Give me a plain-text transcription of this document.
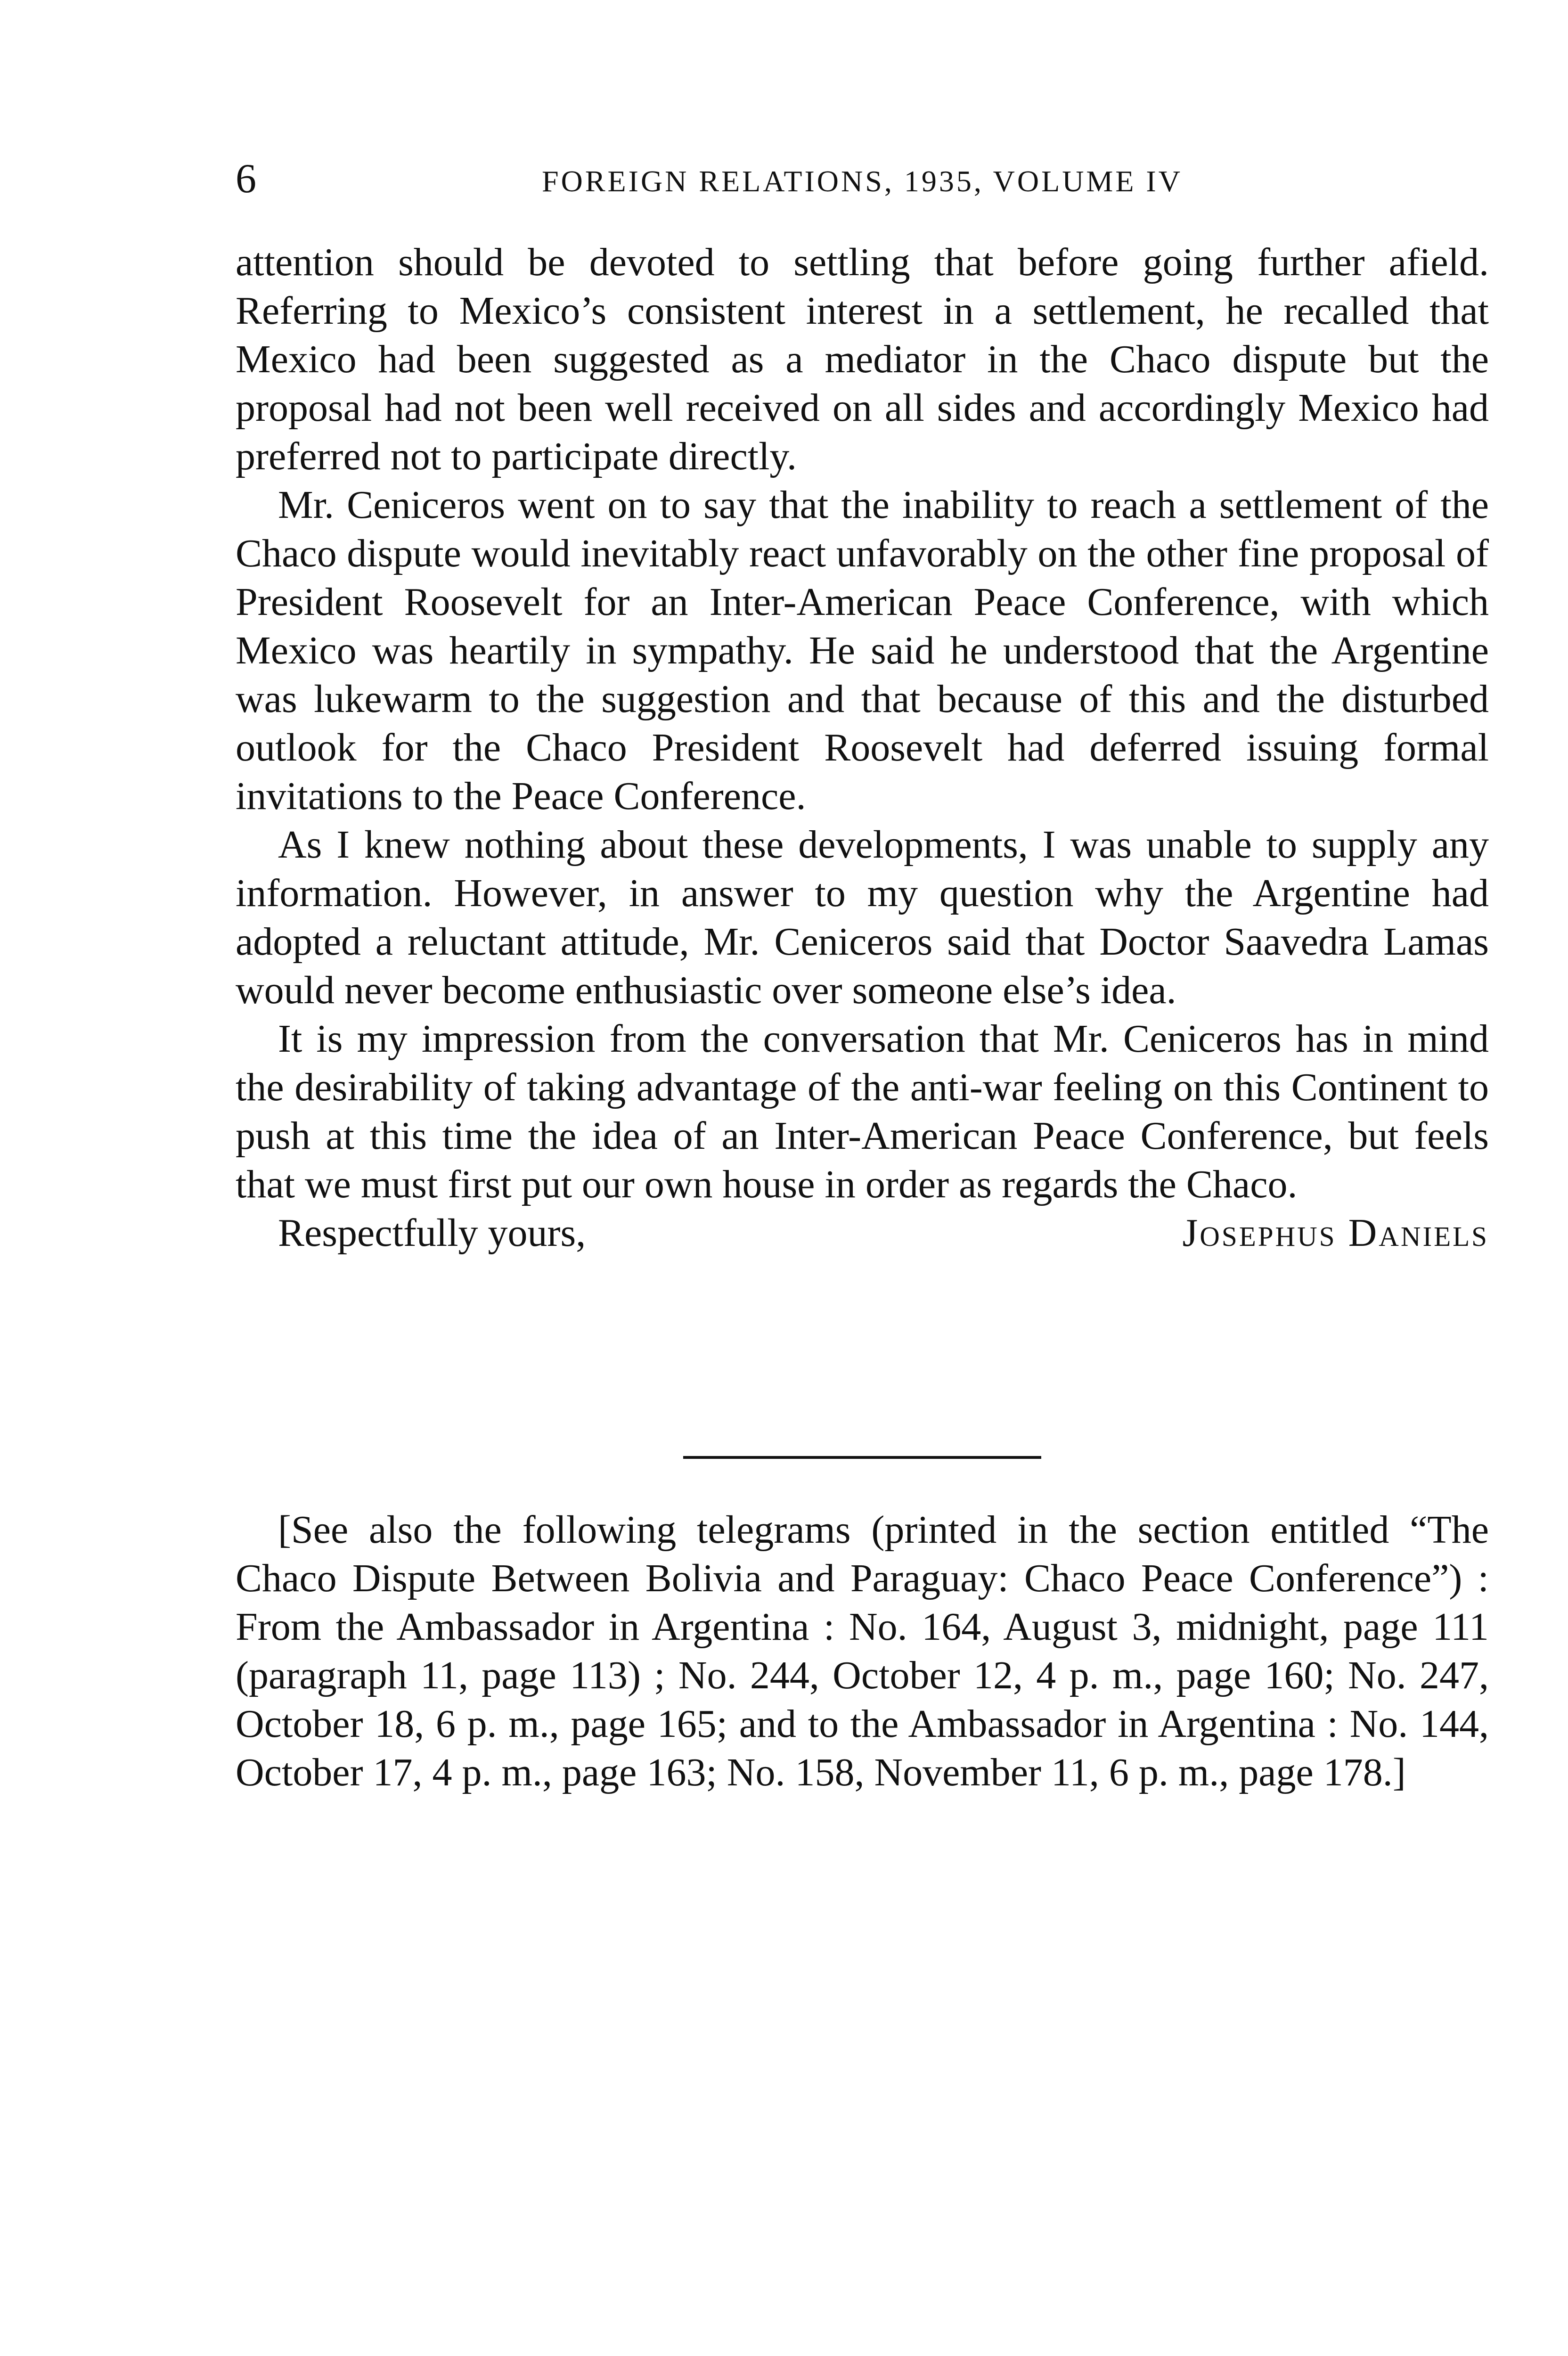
6	FOREIGN RELATIONS, 1935, VOLUME IV

attention should be devoted to settling that before going further afield. Referring to Mexico’s consistent interest in a settlement, he recalled that Mexico had been suggested as a mediator in the Chaco dispute but the proposal had not been well received on all sides and accordingly Mexico had preferred not to participate directly.

Mr. Ceniceros went on to say that the inability to reach a settlement of the Chaco dispute would inevitably react unfavorably on the other fine proposal of President Roosevelt for an Inter-American Peace Conference, with which Mexico was heartily in sympathy. He said he understood that the Argentine was lukewarm to the suggestion and that because of this and the disturbed outlook for the Chaco President Roosevelt had deferred issuing formal invitations to the Peace Conference.

As I knew nothing about these developments, I was unable to supply any information. However, in answer to my question why the Argentine had adopted a reluctant attitude, Mr. Ceniceros said that Doctor Saavedra Lamas would never become enthusiastic over someone else’s idea.

It is my impression from the conversation that Mr. Ceniceros has in mind the desirability of taking advantage of the anti-war feeling on this Continent to push at this time the idea of an Inter-American Peace Conference, but feels that we must first put our own house in order as regards the Chaco.

Respectfully yours,	Josephus Daniels

[See also the following telegrams (printed in the section entitled “The Chaco Dispute Between Bolivia and Paraguay: Chaco Peace Conference”) : From the Ambassador in Argentina : No. 164, August 3, midnight, page 111 (paragraph 11, page 113) ; No. 244, October 12, 4 p. m., page 160; No. 247, October 18, 6 p. m., page 165; and to the Ambassador in Argentina : No. 144, October 17, 4 p. m., page 163; No. 158, November 11, 6 p. m., page 178.]
